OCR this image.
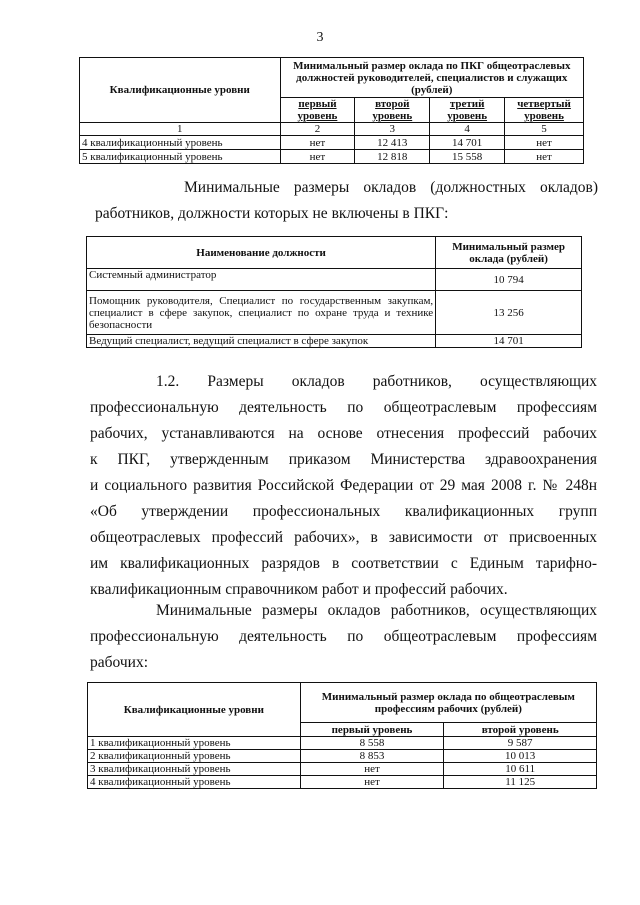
3
Квалификационные уровни	Минимальный размер оклада по ПКГ общеотраслевых должностей руководителей, специалистов и служащих (рублей)			
	первый уровень	второй уровень	третий уровень	четвертый уровень
1	2	3	4	5
4 квалификационный уровень	нет	12 413	14 701	нет
5 квалификационный уровень	нет	12 818	15 558	нет
Минимальные размеры окладов (должностных окладов)
работников, должности которых не включены в ПКГ:
Наименование должности	Минимальный размер оклада (рублей)
Системный администратор	10 794
Помощник руководителя, Специалист по государственным закупкам, специалист в сфере закупок, специалист по охране труда и технике безопасности	13 256
Ведущий специалист, ведущий специалист в сфере закупок	14 701
1.2. Размеры окладов работников, осуществляющих
профессиональную деятельность по общеотраслевым профессиям
рабочих, устанавливаются на основе отнесения профессий рабочих
к ПКГ, утвержденным приказом Министерства здравоохранения
и социального развития Российской Федерации от 29 мая 2008 г. № 248н
«Об утверждении профессиональных квалификационных групп
общеотраслевых профессий рабочих», в зависимости от присвоенных
им квалификационных разрядов в соответствии с Единым тарифно-
квалификационным справочником работ и профессий рабочих.
Минимальные размеры окладов работников, осуществляющих
профессиональную деятельность по общеотраслевым профессиям
рабочих:
Квалификационные уровни	Минимальный размер оклада по общеотраслевым профессиям рабочих (рублей)	
	первый уровень	второй уровень
1 квалификационный уровень	8 558	9 587
2 квалификационный уровень	8 853	10 013
3 квалификационный уровень	нет	10 611
4 квалификационный уровень	нет	11 125
